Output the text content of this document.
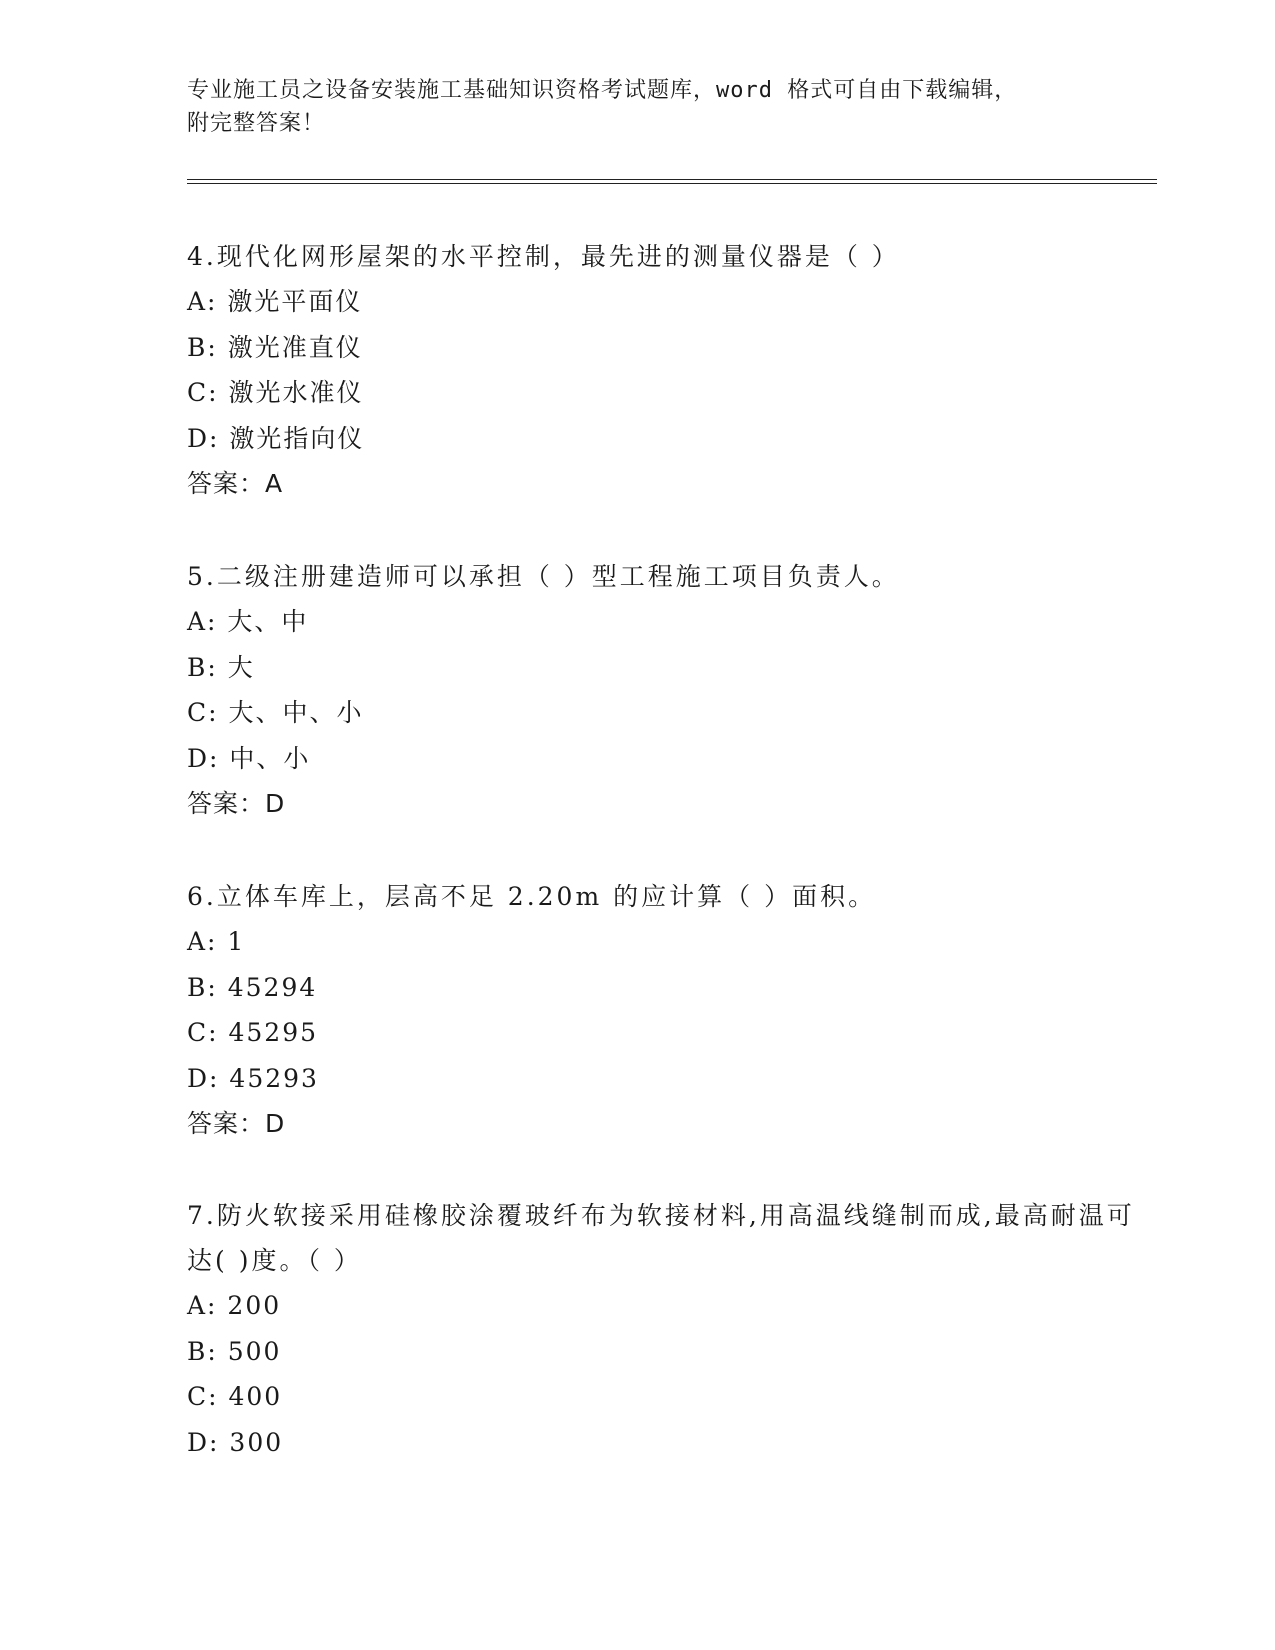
专业施工员之设备安装施工基础知识资格考试题库，word 格式可自由下载编辑，
附完整答案！

4.现代化网形屋架的水平控制，最先进的测量仪器是（ ）

A: 激光平面仪
B: 激光准直仪
C: 激光水准仪
D: 激光指向仪
答案：A

5.二级注册建造师可以承担（ ）型工程施工项目负责人。

A: 大、中
B: 大
C: 大、中、小
D: 中、小
答案：D

6.立体车库上，层高不足 2.20m 的应计算（ ）面积。

A: 1
B: 45294
C: 45295
D: 45293
答案：D

7.防火软接采用硅橡胶涂覆玻纤布为软接材料,用高温线缝制而成,最高耐温可达( )度。（ ）

A: 200
B: 500
C: 400
D: 300
